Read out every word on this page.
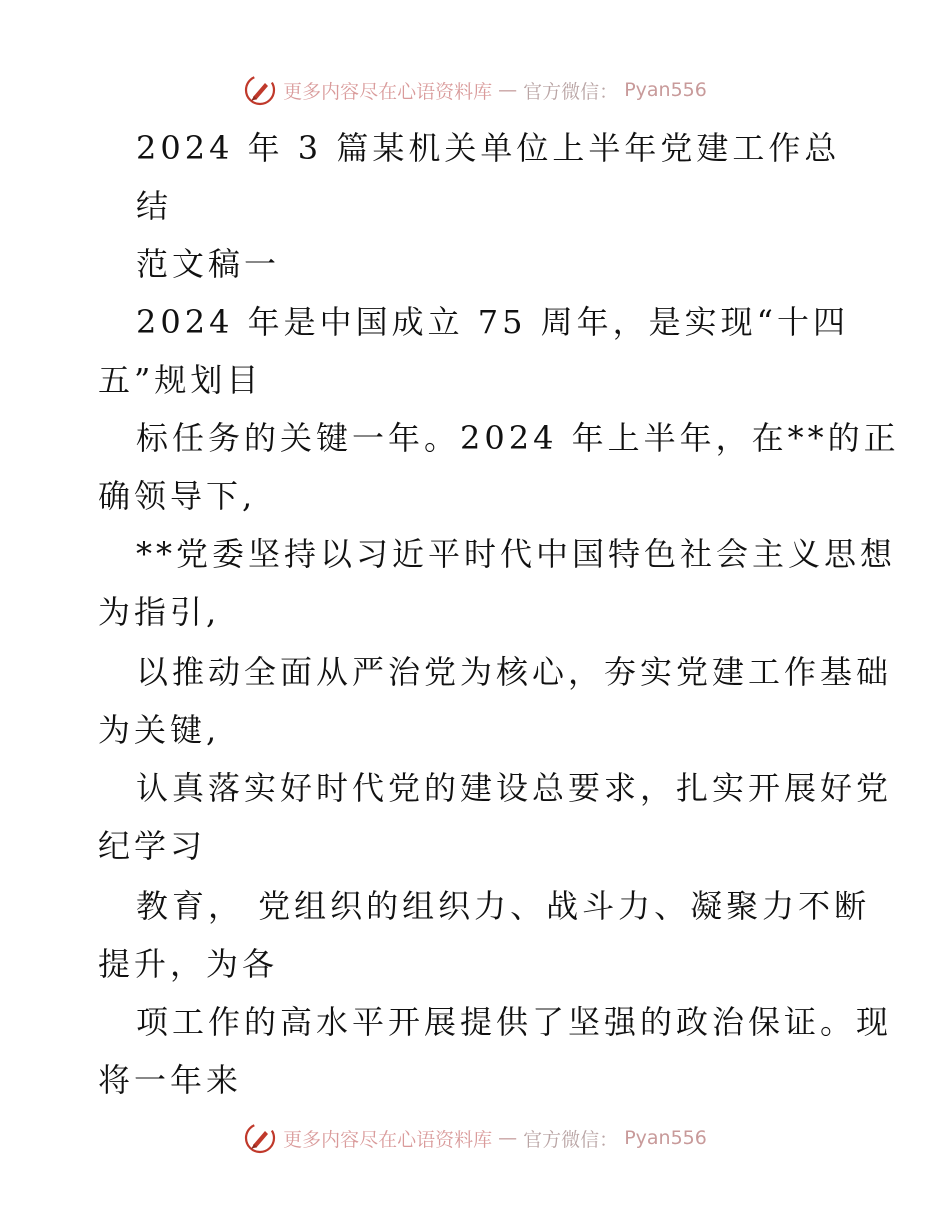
更多内容尽在心语资料库 — 官方微信： Pyan556
2024 年 3 篇某机关单位上半年党建工作总
结
范文稿一
2024 年是中国成立 75 周年，是实现“十四
五”规划目
标任务的关键一年。2024 年上半年，在**的正
确领导下,
**党委坚持以习近平时代中国特色社会主义思想
为指引,
以推动全面从严治党为核心，夯实党建工作基础
为关键,
认真落实好时代党的建设总要求，扎实开展好党
纪学习
教育， 党组织的组织力、战斗力、凝聚力不断
提升，为各
项工作的高水平开展提供了坚强的政治保证。现
将一年来
更多内容尽在心语资料库 — 官方微信： Pyan556
